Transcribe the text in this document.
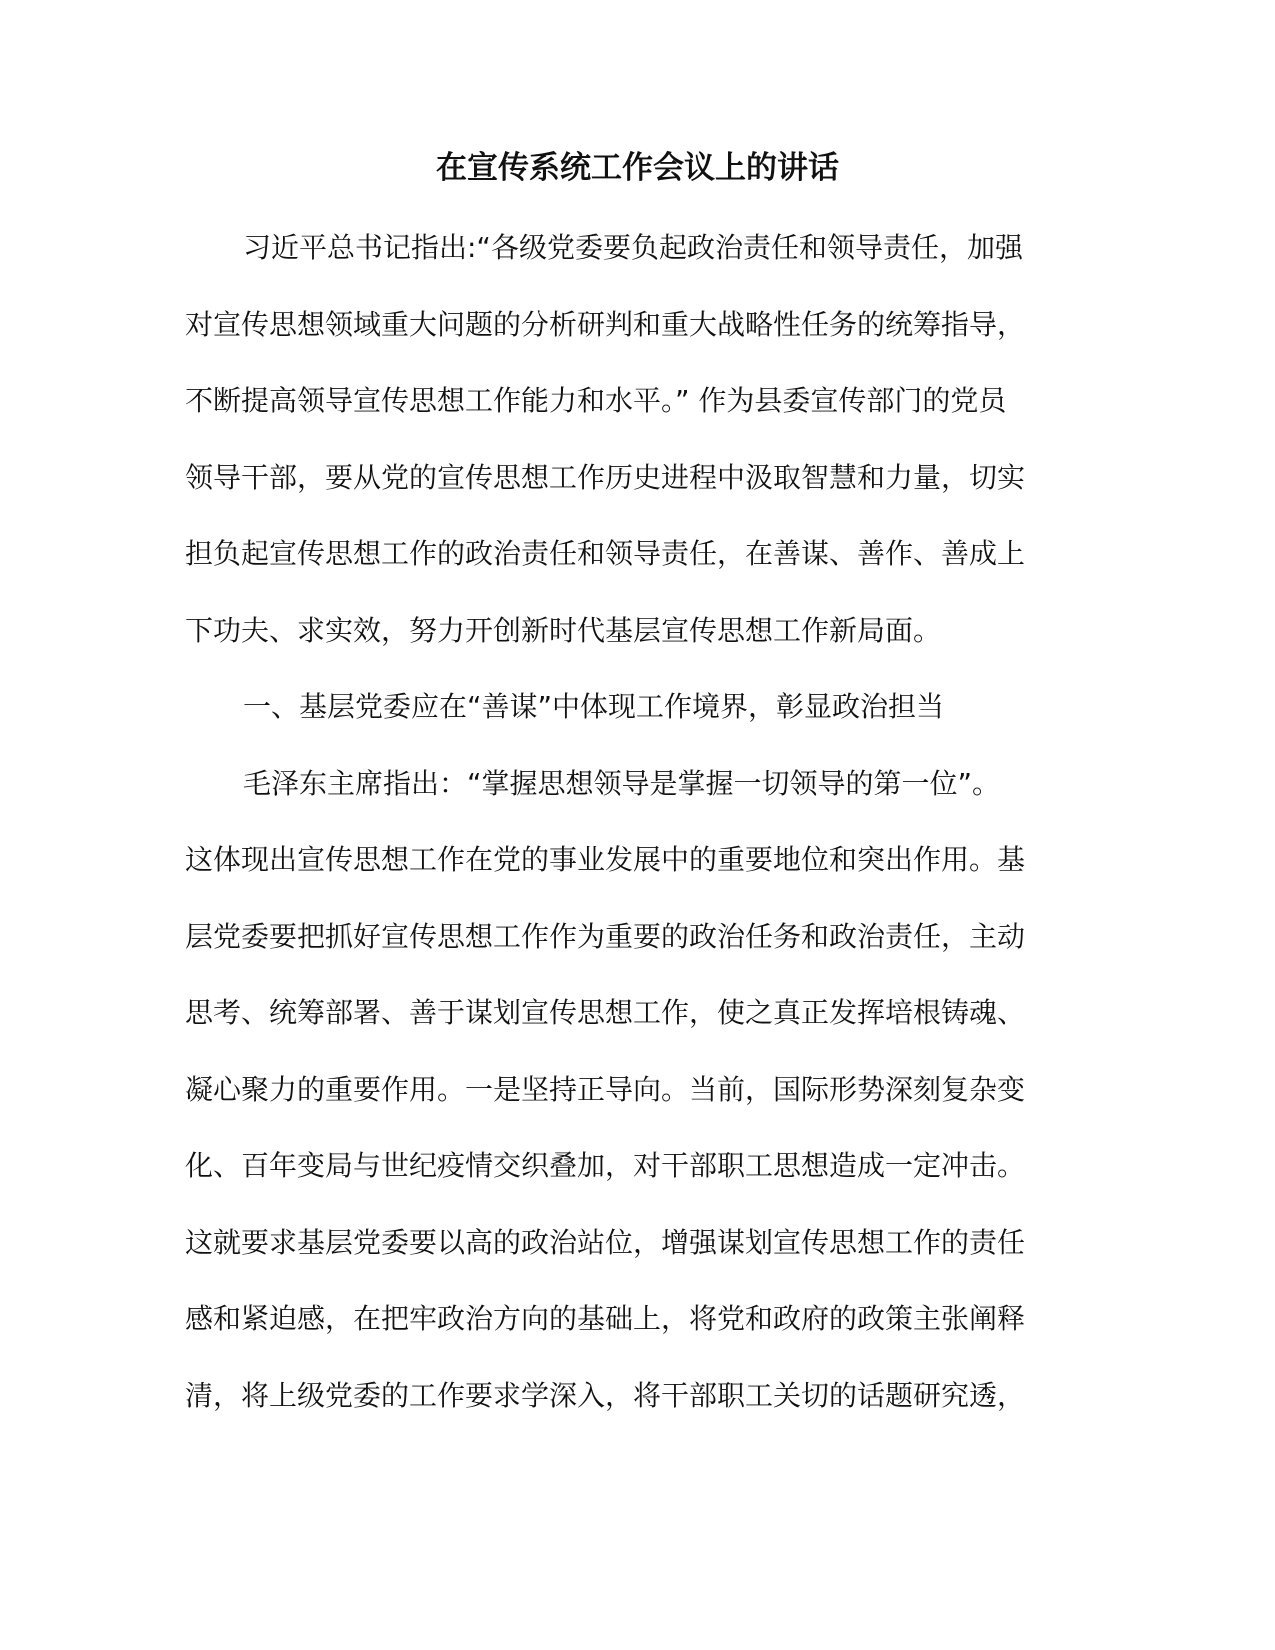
在宣传系统工作会议上的讲话
习近平总书记指出:“各级党委要负起政治责任和领导责任，加强
对宣传思想领域重大问题的分析研判和重大战略性任务的统筹指导，
不断提高领导宣传思想工作能力和水平。” 作为县委宣传部门的党员
领导干部，要从党的宣传思想工作历史进程中汲取智慧和力量，切实
担负起宣传思想工作的政治责任和领导责任，在善谋、善作、善成上
下功夫、求实效，努力开创新时代基层宣传思想工作新局面。
一、基层党委应在“善谋”中体现工作境界，彰显政治担当
毛泽东主席指出：“掌握思想领导是掌握一切领导的第一位”。
这体现出宣传思想工作在党的事业发展中的重要地位和突出作用。基
层党委要把抓好宣传思想工作作为重要的政治任务和政治责任，主动
思考、统筹部署、善于谋划宣传思想工作，使之真正发挥培根铸魂、
凝心聚力的重要作用。一是坚持正导向。当前，国际形势深刻复杂变
化、百年变局与世纪疫情交织叠加，对干部职工思想造成一定冲击。
这就要求基层党委要以高的政治站位，增强谋划宣传思想工作的责任
感和紧迫感，在把牢政治方向的基础上，将党和政府的政策主张阐释
清，将上级党委的工作要求学深入，将干部职工关切的话题研究透，
